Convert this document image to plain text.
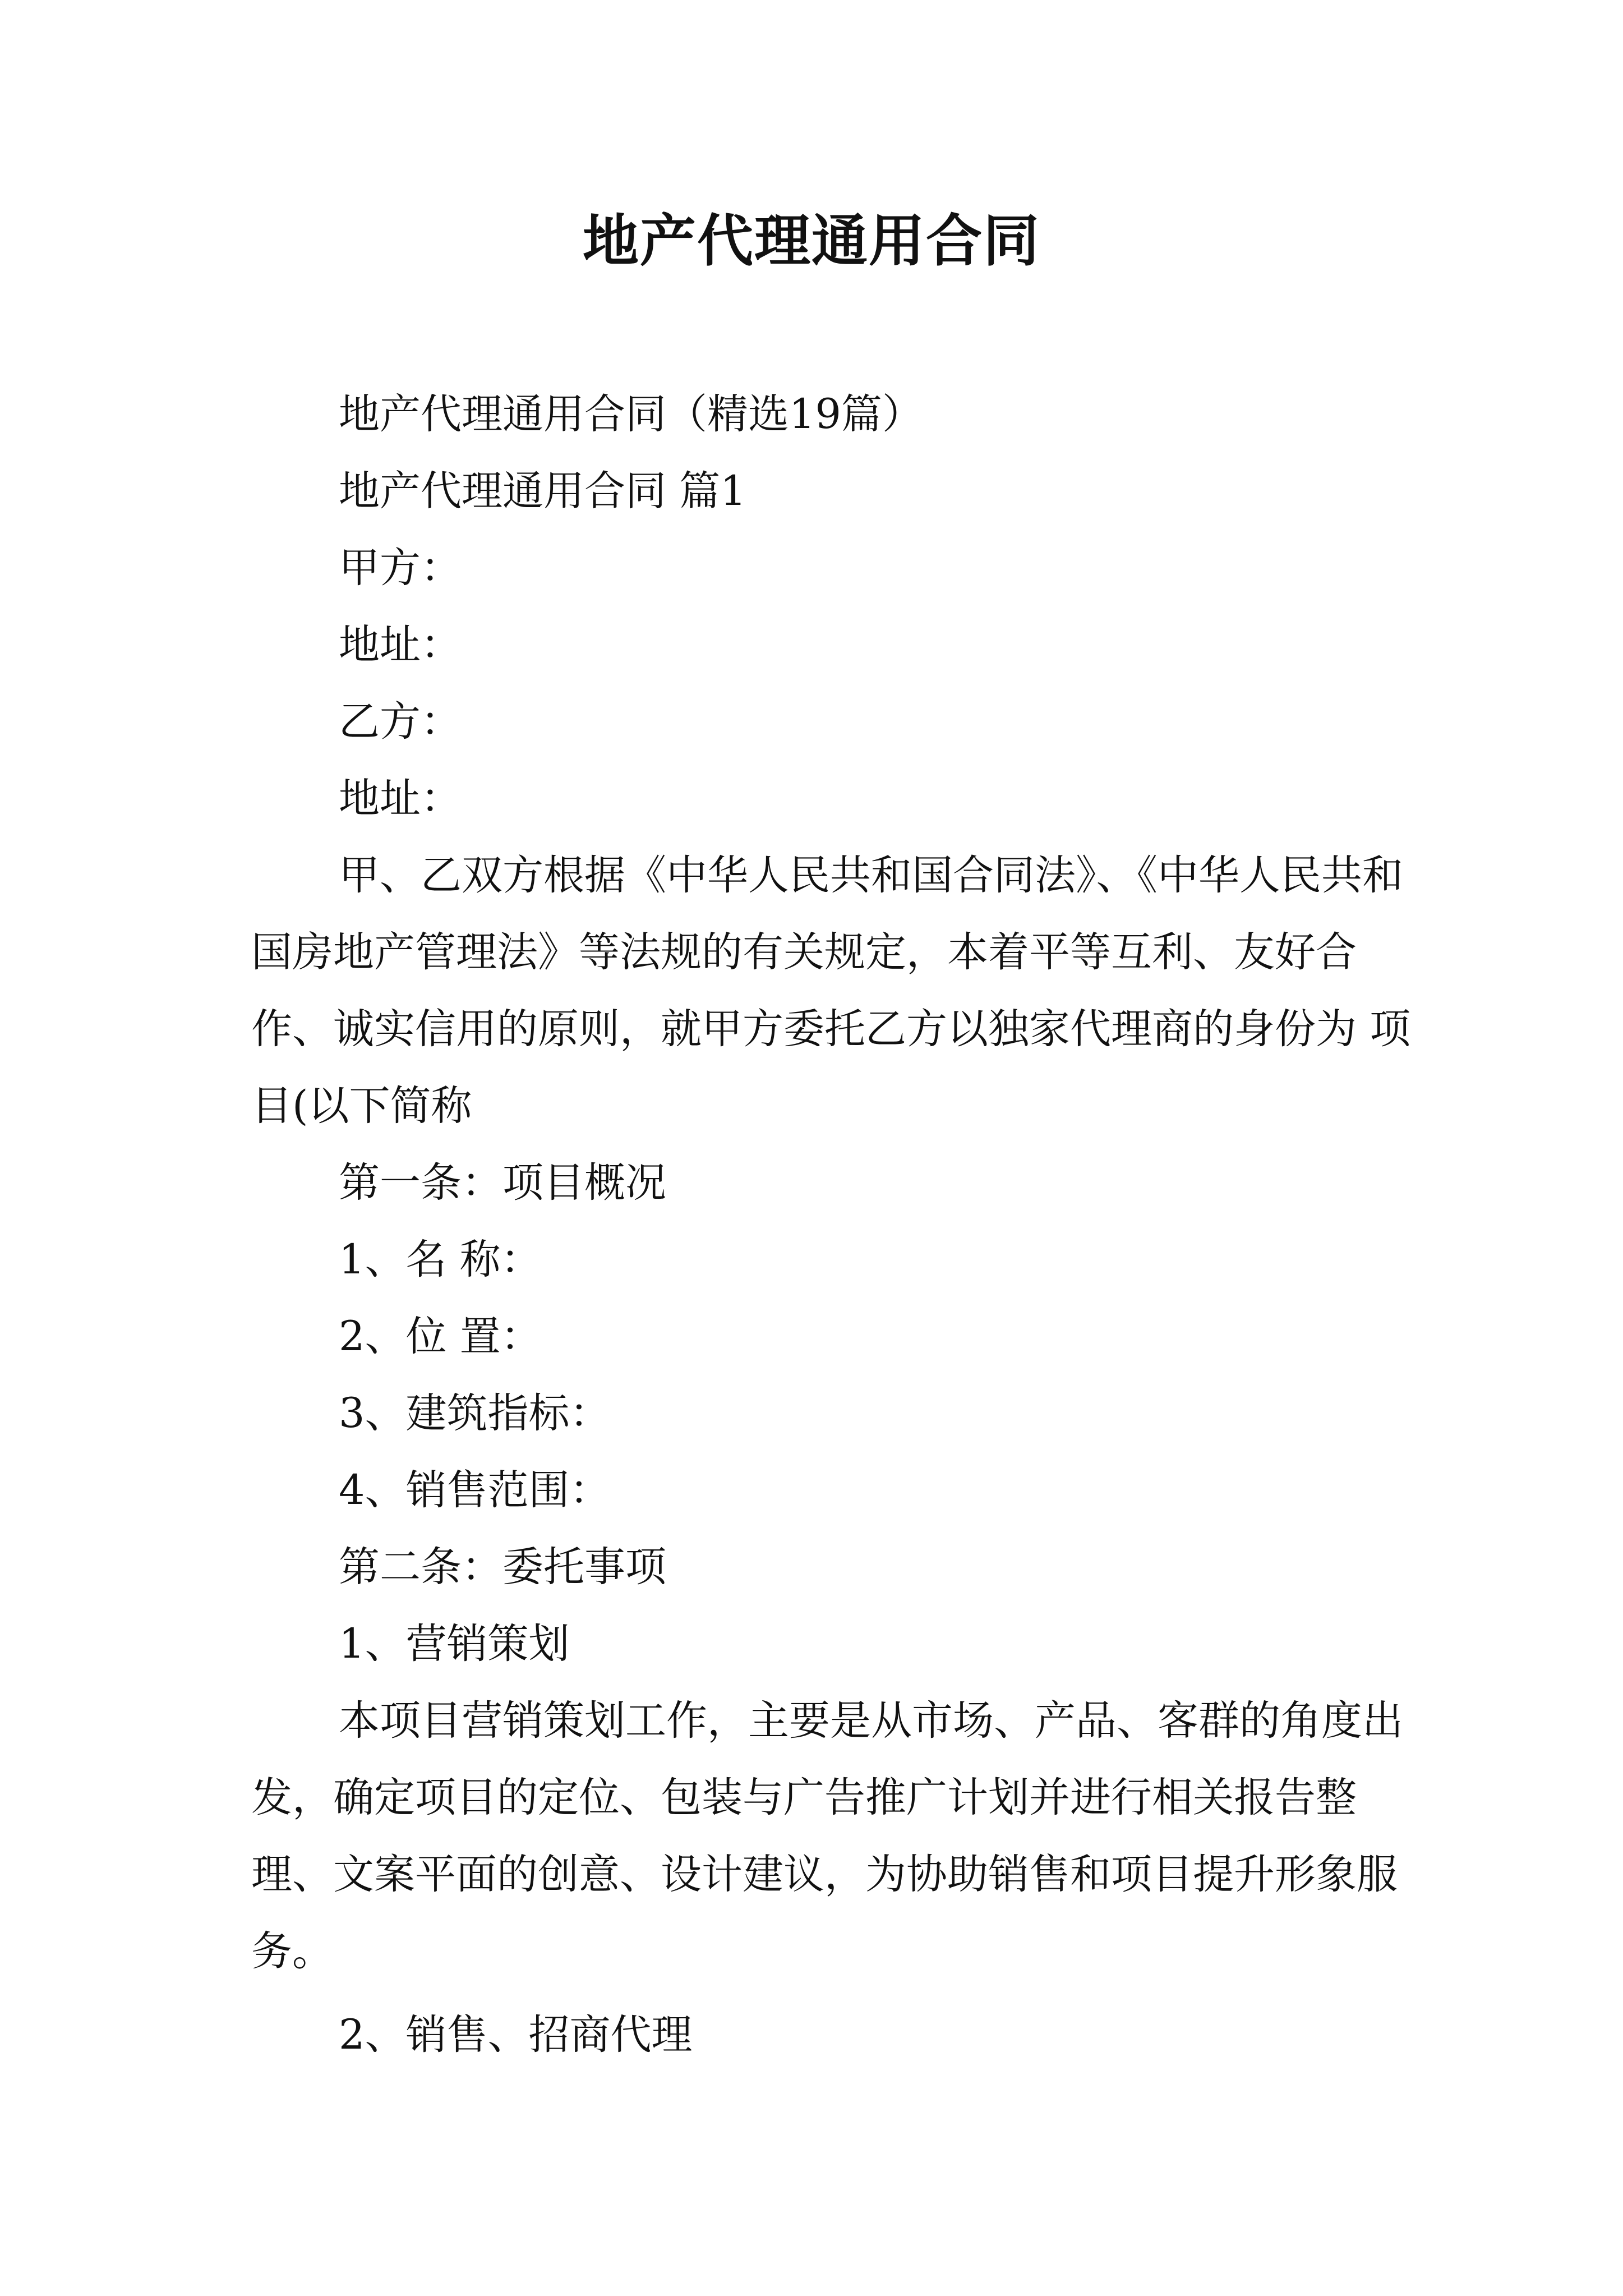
地产代理通用合同

地产代理通用合同（精选19篇）

地产代理通用合同 篇1

甲方：

地址：

乙方：

地址：

甲、乙双方根据《中华人民共和国合同法》、《中华人民共和国房地产管理法》等法规的有关规定，本着平等互利、友好合作、诚实信用的原则，就甲方委托乙方以独家代理商的身份为 项目(以下简称

第一条：项目概况

1、名 称：

2、位 置：

3、建筑指标：

4、销售范围：

第二条：委托事项

1、营销策划

本项目营销策划工作，主要是从市场、产品、客群的角度出发，确定项目的定位、包装与广告推广计划并进行相关报告整理、文案平面的创意、设计建议，为协助销售和项目提升形象服务。

2、销售、招商代理
